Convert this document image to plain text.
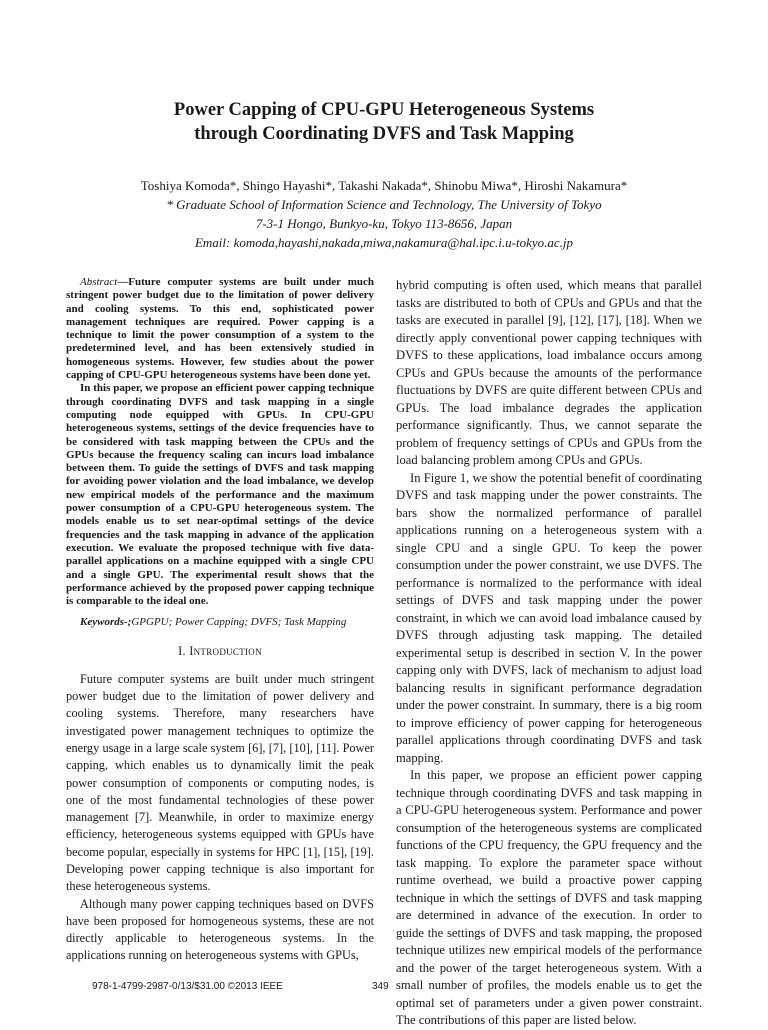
Power Capping of CPU-GPU Heterogeneous Systems
through Coordinating DVFS and Task Mapping
Toshiya Komoda*, Shingo Hayashi*, Takashi Nakada*, Shinobu Miwa*, Hiroshi Nakamura*
* Graduate School of Information Science and Technology, The University of Tokyo
7-3-1 Hongo, Bunkyo-ku, Tokyo 113-8656, Japan
Email: komoda,hayashi,nakada,miwa,nakamura@hal.ipc.i.u-tokyo.ac.jp

Abstract—Future computer systems are built under much stringent power budget due to the limitation of power delivery and cooling systems. To this end, sophisticated power management techniques are required. Power capping is a technique to limit the power consumption of a system to the predetermined level, and has been extensively studied in homogeneous systems. However, few studies about the power capping of CPU-GPU heterogeneous systems have been done yet.

In this paper, we propose an efficient power capping technique through coordinating DVFS and task mapping in a single computing node equipped with GPUs. In CPU-GPU heterogeneous systems, settings of the device frequencies have to be considered with task mapping between the CPUs and the GPUs because the frequency scaling can incurs load imbalance between them. To guide the settings of DVFS and task mapping for avoiding power violation and the load imbalance, we develop new empirical models of the performance and the maximum power consumption of a CPU-GPU heterogeneous system. The models enable us to set near-optimal settings of the device frequencies and the task mapping in advance of the application execution. We evaluate the proposed technique with five data-parallel applications on a machine equipped with a single CPU and a single GPU. The experimental result shows that the performance achieved by the proposed power capping technique is comparable to the ideal one.

Keywords-;GPGPU; Power Capping; DVFS; Task Mapping

I. Introduction

Future computer systems are built under much stringent power budget due to the limitation of power delivery and cooling systems. Therefore, many researchers have investigated power management techniques to optimize the energy usage in a large scale system [6], [7], [10], [11]. Power capping, which enables us to dynamically limit the peak power consumption of components or computing nodes, is one of the most fundamental technologies of these power management [7]. Meanwhile, in order to maximize energy efficiency, heterogeneous systems equipped with GPUs have become popular, especially in systems for HPC [1], [15], [19]. Developing power capping technique is also important for these heterogeneous systems.

Although many power capping techniques based on DVFS have been proposed for homogeneous systems, these are not directly applicable to heterogeneous systems. In the applications running on heterogeneous systems with GPUs,

hybrid computing is often used, which means that parallel tasks are distributed to both of CPUs and GPUs and that the tasks are executed in parallel [9], [12], [17], [18]. When we directly apply conventional power capping techniques with DVFS to these applications, load imbalance occurs among CPUs and GPUs because the amounts of the performance fluctuations by DVFS are quite different between CPUs and GPUs. The load imbalance degrades the application performance significantly. Thus, we cannot separate the problem of frequency settings of CPUs and GPUs from the load balancing problem among CPUs and GPUs.

In Figure 1, we show the potential benefit of coordinating DVFS and task mapping under the power constraints. The bars show the normalized performance of parallel applications running on a heterogeneous system with a single CPU and a single GPU. To keep the power consumption under the power constraint, we use DVFS. The performance is normalized to the performance with ideal settings of DVFS and task mapping under the power constraint, in which we can avoid load imbalance caused by DVFS through adjusting task mapping. The detailed experimental setup is described in section V. In the power capping only with DVFS, lack of mechanism to adjust load balancing results in significant performance degradation under the power constraint. In summary, there is a big room to improve efficiency of power capping for heterogeneous parallel applications through coordinating DVFS and task mapping.

In this paper, we propose an efficient power capping technique through coordinating DVFS and task mapping in a CPU-GPU heterogeneous system. Performance and power consumption of the heterogeneous systems are complicated functions of the CPU frequency, the GPU frequency and the task mapping. To explore the parameter space without runtime overhead, we build a proactive power capping technique in which the settings of DVFS and task mapping are determined in advance of the execution. In order to guide the settings of DVFS and task mapping, the proposed technique utilizes new empirical models of the performance and the power of the target heterogeneous system. With a small number of profiles, the models enable us to get the optimal set of parameters under a given power constraint. The contributions of this paper are listed below.

978-1-4799-2987-0/13/$31.00 ©2013 IEEE	349
